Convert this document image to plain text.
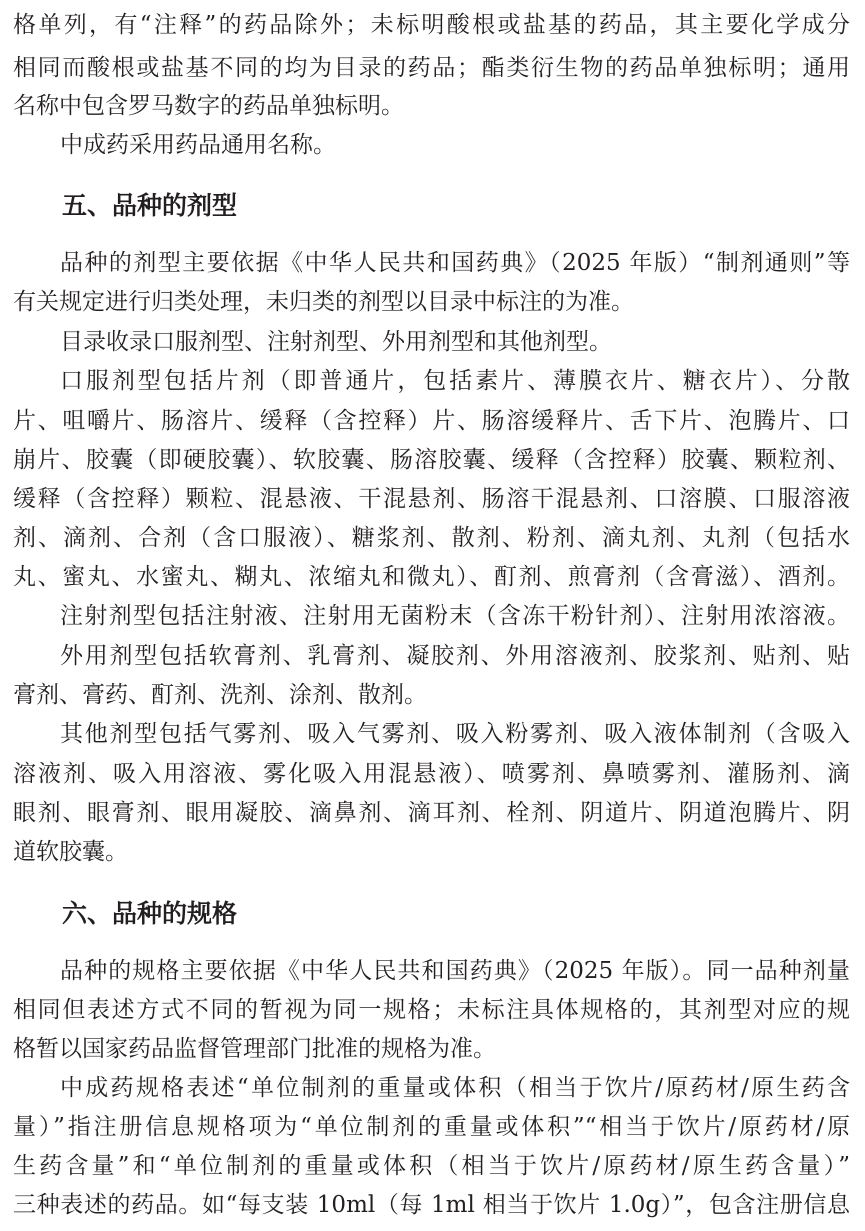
格单列，有“注释”的药品除外；未标明酸根或盐基的药品，其主要化学成分
相同而酸根或盐基不同的均为目录的药品；酯类衍生物的药品单独标明；通用
名称中包含罗马数字的药品单独标明。
中成药采用药品通用名称。
五、品种的剂型
品种的剂型主要依据《中华人民共和国药典》（2025 年版）“制剂通则”等
有关规定进行归类处理，未归类的剂型以目录中标注的为准。
目录收录口服剂型、注射剂型、外用剂型和其他剂型。
口服剂型包括片剂（即普通片，包括素片、薄膜衣片、糖衣片）、分散
片、咀嚼片、肠溶片、缓释（含控释）片、肠溶缓释片、舌下片、泡腾片、口
崩片、胶囊（即硬胶囊）、软胶囊、肠溶胶囊、缓释（含控释）胶囊、颗粒剂、
缓释（含控释）颗粒、混悬液、干混悬剂、肠溶干混悬剂、口溶膜、口服溶液
剂、滴剂、合剂（含口服液）、糖浆剂、散剂、粉剂、滴丸剂、丸剂（包括水
丸、蜜丸、水蜜丸、糊丸、浓缩丸和微丸）、酊剂、煎膏剂（含膏滋）、酒剂。
注射剂型包括注射液、注射用无菌粉末（含冻干粉针剂）、注射用浓溶液。
外用剂型包括软膏剂、乳膏剂、凝胶剂、外用溶液剂、胶浆剂、贴剂、贴
膏剂、膏药、酊剂、洗剂、涂剂、散剂。
其他剂型包括气雾剂、吸入气雾剂、吸入粉雾剂、吸入液体制剂（含吸入
溶液剂、吸入用溶液、雾化吸入用混悬液）、喷雾剂、鼻喷雾剂、灌肠剂、滴
眼剂、眼膏剂、眼用凝胶、滴鼻剂、滴耳剂、栓剂、阴道片、阴道泡腾片、阴
道软胶囊。
六、品种的规格
品种的规格主要依据《中华人民共和国药典》（2025 年版）。同一品种剂量
相同但表述方式不同的暂视为同一规格；未标注具体规格的，其剂型对应的规
格暂以国家药品监督管理部门批准的规格为准。
中成药规格表述“单位制剂的重量或体积（相当于饮片/原药材/原生药含
量）”指注册信息规格项为“单位制剂的重量或体积”“相当于饮片/原药材/原
生药含量”和“单位制剂的重量或体积（相当于饮片/原药材/原生药含量）”
三种表述的药品。如“每支装 10ml（每 1ml 相当于饮片 1.0g）”，包含注册信息
